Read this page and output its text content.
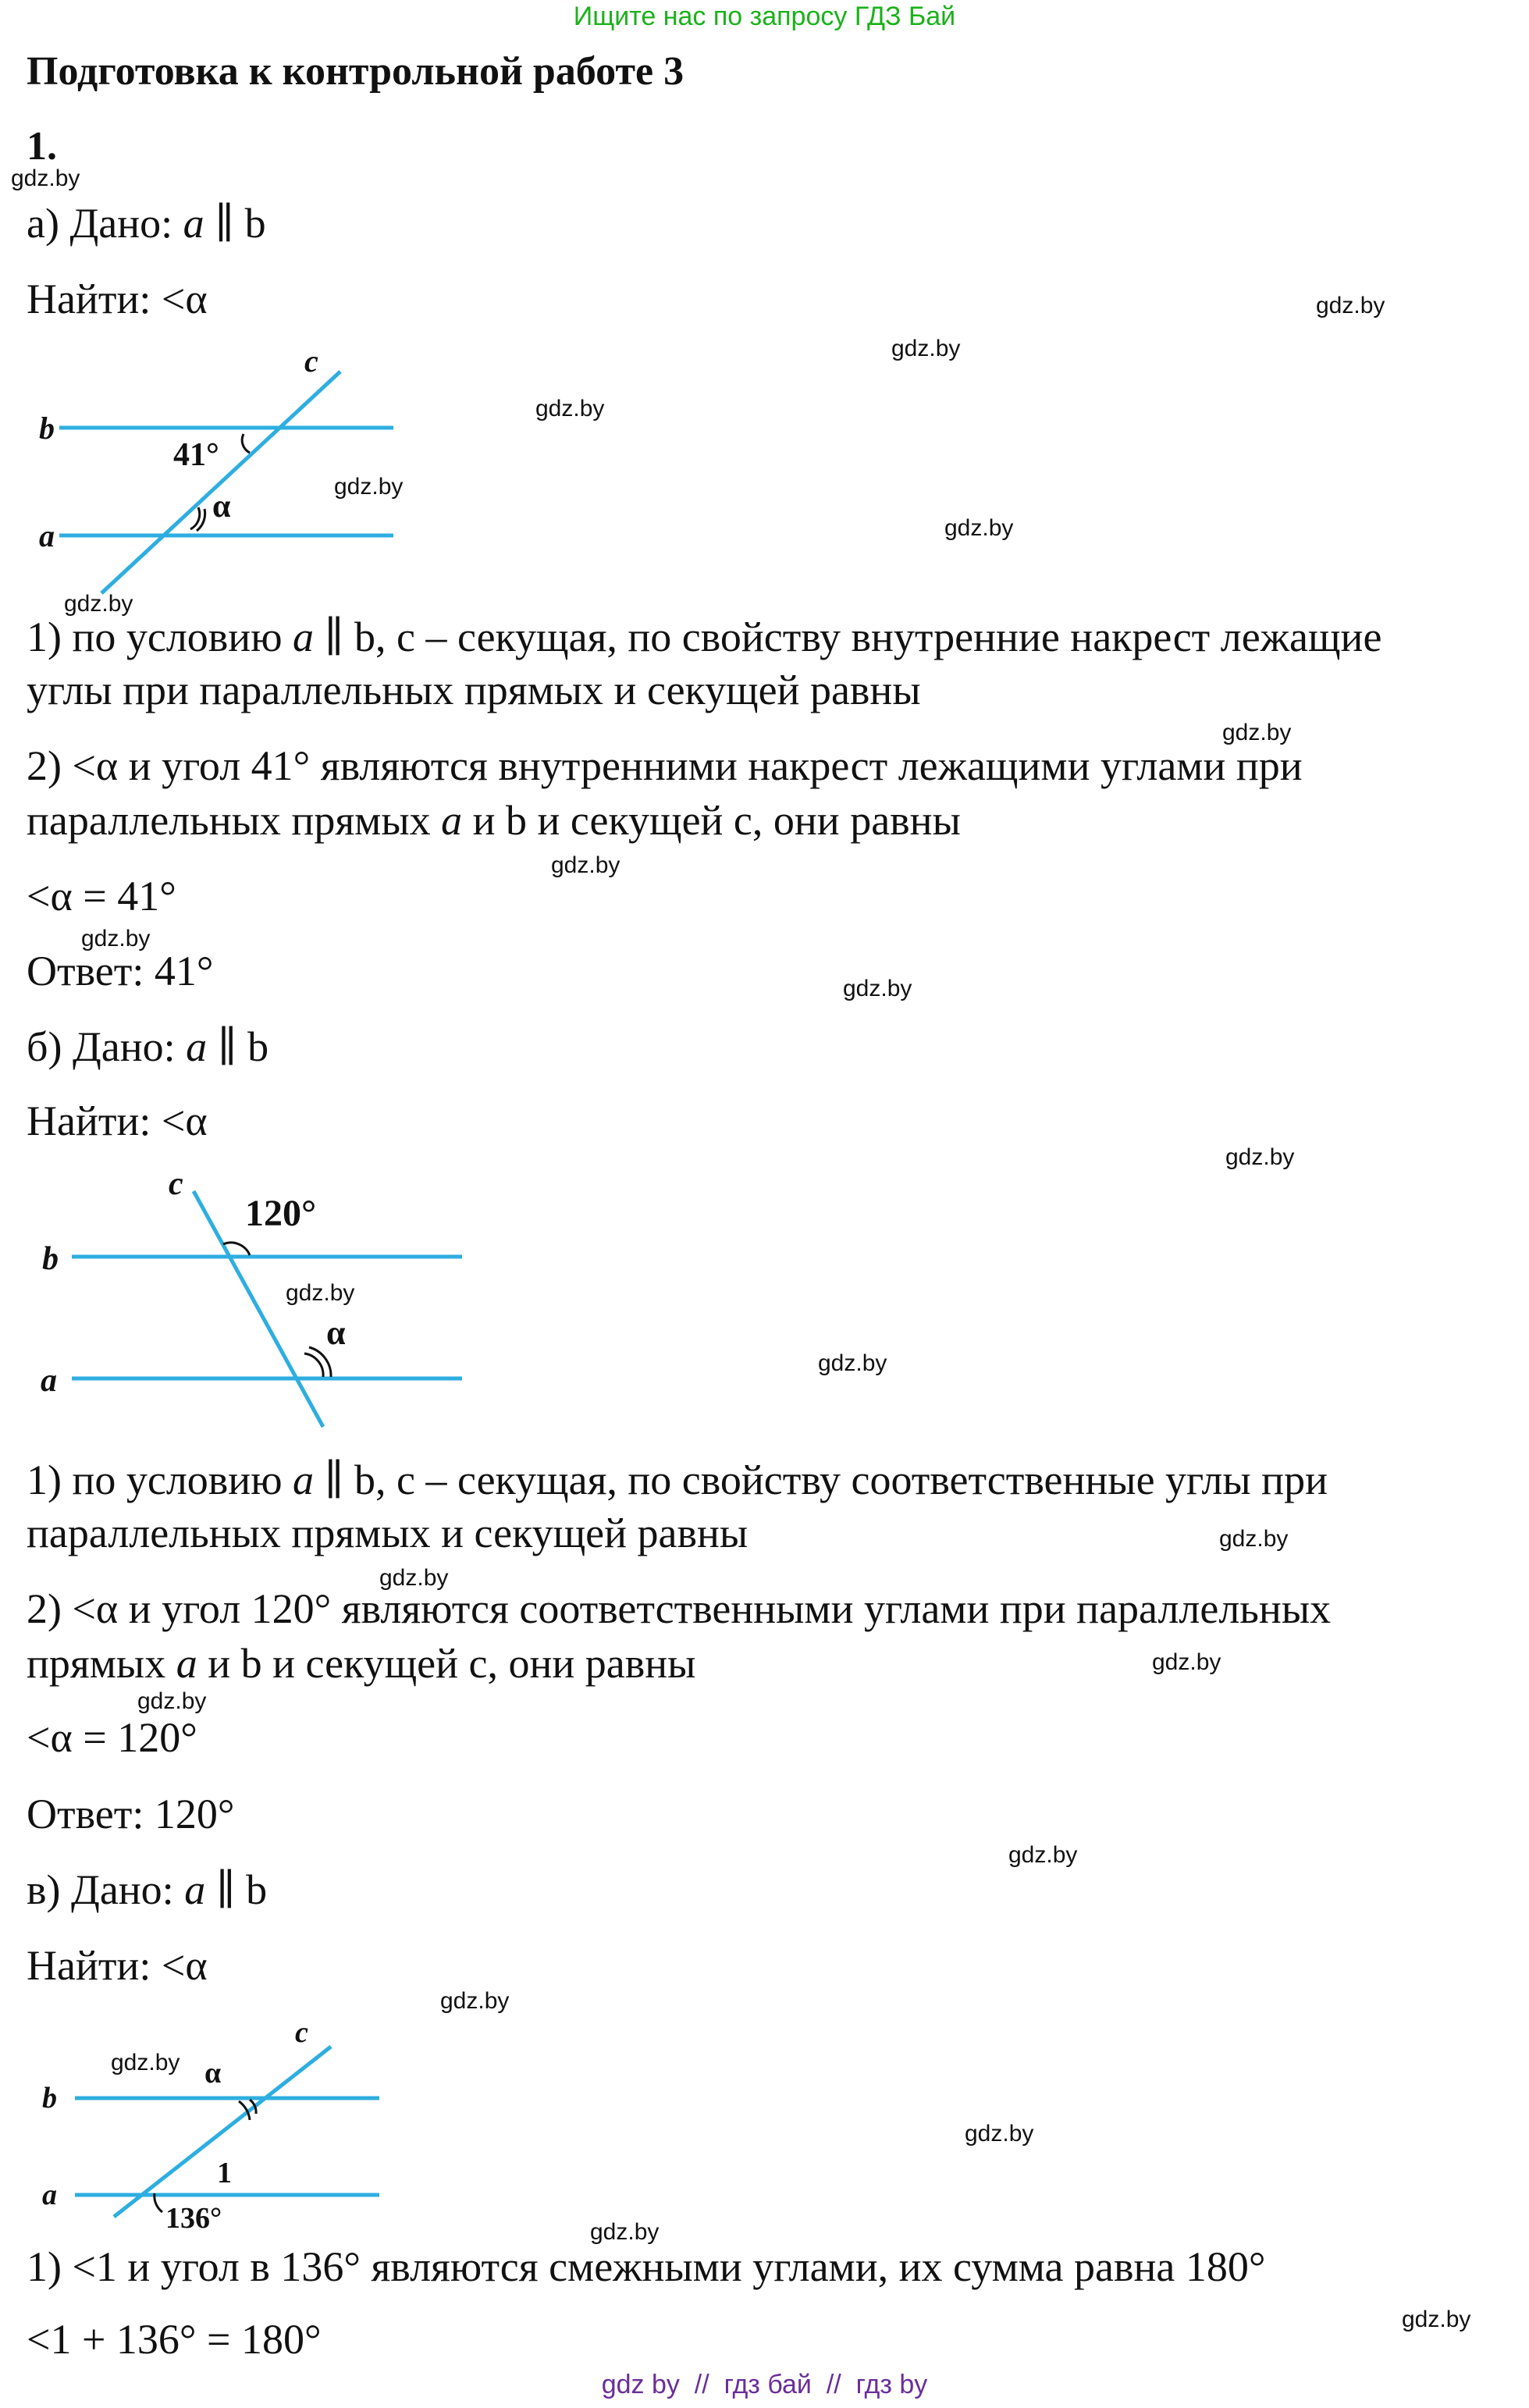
Ищите нас по запросу ГДЗ Бай
Подготовка к контрольной работе 3
1.
а) Дано: a ∥ b
Найти: <α
b
a
c
41°
α
1) по условию a ∥ b, c – секущая, по свойству внутренние накрест лежащие
углы при параллельных прямых и секущей равны
2) <α и угол 41° являются внутренними накрест лежащими углами при
параллельных прямых a и b и секущей c, они равны
<α = 41°
Ответ: 41°
б) Дано: a ∥ b
Найти: <α
b
a
c
120°
α
1) по условию a ∥ b, c – секущая, по свойству соответственные углы при
параллельных прямых и секущей равны
2) <α и угол 120° являются соответственными углами при параллельных
прямых a и b и секущей c, они равны
<α = 120°
Ответ: 120°
в) Дано: a ∥ b
Найти: <α
b
a
c
α
1
136°
1) <1 и угол в 136° являются смежными углами, их сумма равна 180°
<1 + 136° = 180°
gdz.by
gdz.by
gdz.by
gdz.by
gdz.by
gdz.by
gdz.by
gdz.by
gdz.by
gdz.by
gdz.by
gdz.by
gdz.by
gdz.by
gdz.by
gdz.by
gdz.by
gdz.by
gdz.by
gdz.by
gdz.by
gdz.by
gdz.by
gdz.by
gdz by  //  гдз бай  //  гдз by
